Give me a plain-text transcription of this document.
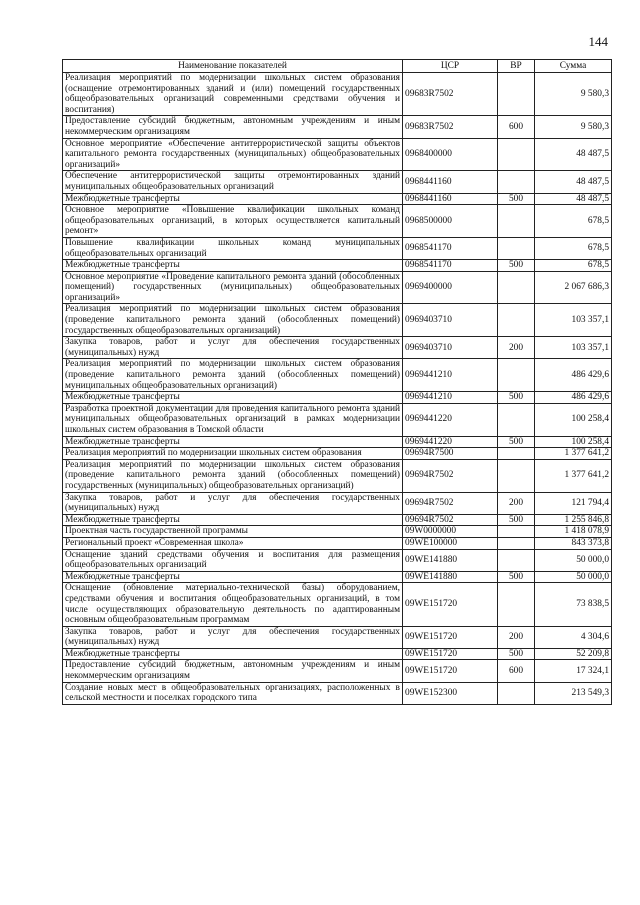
144
Наименование показателей	ЦСР	ВР	Сумма
Реализация мероприятий по модернизации школьных систем образования (оснащение отремонтированных зданий и (или) помещений государственных общеобразовательных организаций современными средствами обучения и воспитания)	09683R7502		9 580,3
Предоставление субсидий бюджетным, автономным учреждениям и иным некоммерческим организациям	09683R7502	600	9 580,3
Основное мероприятие «Обеспечение антитеррористической защиты объектов капитального ремонта государственных (муниципальных) общеобразовательных организаций»	0968400000		48 487,5
Обеспечение антитеррористической защиты отремонтированных зданий муниципальных общеобразовательных организаций	0968441160		48 487,5
Межбюджетные трансферты	0968441160	500	48 487,5
Основное мероприятие «Повышение квалификации школьных команд общеобразовательных организаций, в которых осуществляется капитальный ремонт»	0968500000		678,5
Повышение квалификации школьных команд муниципальных общеобразовательных организаций	0968541170		678,5
Межбюджетные трансферты	0968541170	500	678,5
Основное мероприятие «Проведение капитального ремонта зданий (обособленных помещений) государственных (муниципальных) общеобразовательных организаций»	0969400000		2 067 686,3
Реализация мероприятий по модернизации школьных систем образования (проведение капитального ремонта зданий (обособленных помещений) государственных общеобразовательных организаций)	0969403710		103 357,1
Закупка товаров, работ и услуг для обеспечения государственных (муниципальных) нужд	0969403710	200	103 357,1
Реализация мероприятий по модернизации школьных систем образования (проведение капитального ремонта зданий (обособленных помещений) муниципальных общеобразовательных организаций)	0969441210		486 429,6
Межбюджетные трансферты	0969441210	500	486 429,6
Разработка проектной документации для проведения капитального ремонта зданий муниципальных общеобразовательных организаций в рамках модернизации школьных систем образования в Томской области	0969441220		100 258,4
Межбюджетные трансферты	0969441220	500	100 258,4
Реализация мероприятий по модернизации школьных систем образования	09694R7500		1 377 641,2
Реализация мероприятий по модернизации школьных систем образования (проведение капитального ремонта зданий (обособленных помещений) государственных (муниципальных) общеобразовательных организаций)	09694R7502		1 377 641,2
Закупка товаров, работ и услуг для обеспечения государственных (муниципальных) нужд	09694R7502	200	121 794,4
Межбюджетные трансферты	09694R7502	500	1 255 846,8
Проектная часть государственной программы	09W0000000		1 418 078,9
Региональный проект «Современная школа»	09WE100000		843 373,8
Оснащение зданий средствами обучения и воспитания для размещения общеобразовательных организаций	09WE141880		50 000,0
Межбюджетные трансферты	09WE141880	500	50 000,0
Оснащение (обновление материально-технической базы) оборудованием, средствами обучения и воспитания общеобразовательных организаций, в том числе осуществляющих образовательную деятельность по адаптированным основным общеобразовательным программам	09WE151720		73 838,5
Закупка товаров, работ и услуг для обеспечения государственных (муниципальных) нужд	09WE151720	200	4 304,6
Межбюджетные трансферты	09WE151720	500	52 209,8
Предоставление субсидий бюджетным, автономным учреждениям и иным некоммерческим организациям	09WE151720	600	17 324,1
Создание новых мест в общеобразовательных организациях, расположенных в сельской местности и поселках городского типа	09WE152300		213 549,3
